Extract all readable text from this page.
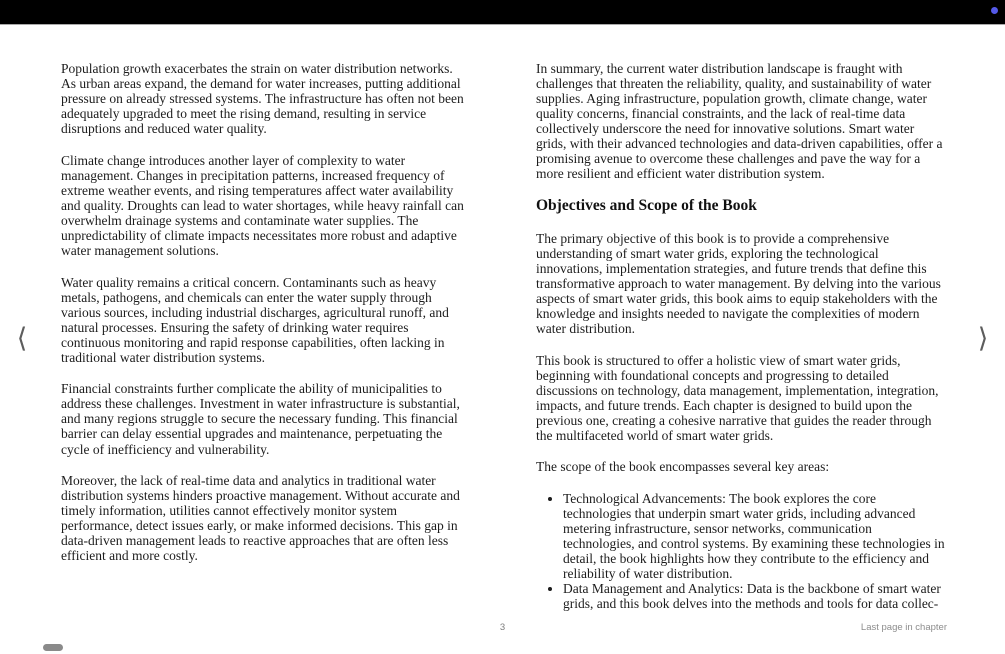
Population growth exacerbates the strain on water distribution networks. As urban areas expand, the demand for water increases, putting additional pressure on already stressed systems. The infrastructure has often not been adequately upgraded to meet the rising demand, resulting in service disruptions and reduced water quality.

Climate change introduces another layer of complexity to water management. Changes in precipitation patterns, increased frequency of extreme weather events, and rising temperatures affect water availability and quality. Droughts can lead to water shortages, while heavy rainfall can overwhelm drainage systems and contaminate water supplies. The unpredictability of climate impacts necessitates more robust and adaptive water management solutions.

Water quality remains a critical concern. Contaminants such as heavy metals, pathogens, and chemicals can enter the water supply through various sources, including industrial discharges, agricultural runoff, and natural processes. Ensuring the safety of drinking water requires continuous monitoring and rapid response capabilities, often lacking in traditional water distribution systems.

Financial constraints further complicate the ability of municipalities to address these challenges. Investment in water infrastructure is substantial, and many regions struggle to secure the necessary funding. This financial barrier can delay essential upgrades and maintenance, perpetuating the cycle of inefficiency and vulnerability.

Moreover, the lack of real-time data and analytics in traditional water distribution systems hinders proactive management. Without accurate and timely information, utilities cannot effectively monitor system performance, detect issues early, or make informed decisions. This gap in data-driven management leads to reactive approaches that are often less efficient and more costly.

In summary, the current water distribution landscape is fraught with challenges that threaten the reliability, quality, and sustainability of water supplies. Aging infrastructure, population growth, climate change, water quality concerns, financial constraints, and the lack of real-time data collectively underscore the need for innovative solutions. Smart water grids, with their advanced technologies and data-driven capabilities, offer a promising avenue to overcome these challenges and pave the way for a more resilient and efficient water distribution system.

Objectives and Scope of the Book

The primary objective of this book is to provide a comprehensive understanding of smart water grids, exploring the technological innovations, implementation strategies, and future trends that define this transformative approach to water management. By delving into the various aspects of smart water grids, this book aims to equip stakeholders with the knowledge and insights needed to navigate the complexities of modern water distribution.

This book is structured to offer a holistic view of smart water grids, beginning with foundational concepts and progressing to detailed discussions on technology, data management, implementation, integration, impacts, and future trends. Each chapter is designed to build upon the previous one, creating a cohesive narrative that guides the reader through the multifaceted world of smart water grids.

The scope of the book encompasses several key areas:

• Technological Advancements: The book explores the core technologies that underpin smart water grids, including advanced metering infrastructure, sensor networks, communication technologies, and control systems. By examining these technologies in detail, the book highlights how they contribute to the efficiency and reliability of water distribution.
• Data Management and Analytics: Data is the backbone of smart water grids, and this book delves into the methods and tools for data collec-
⟨	⟩
3	Last page in chapter
